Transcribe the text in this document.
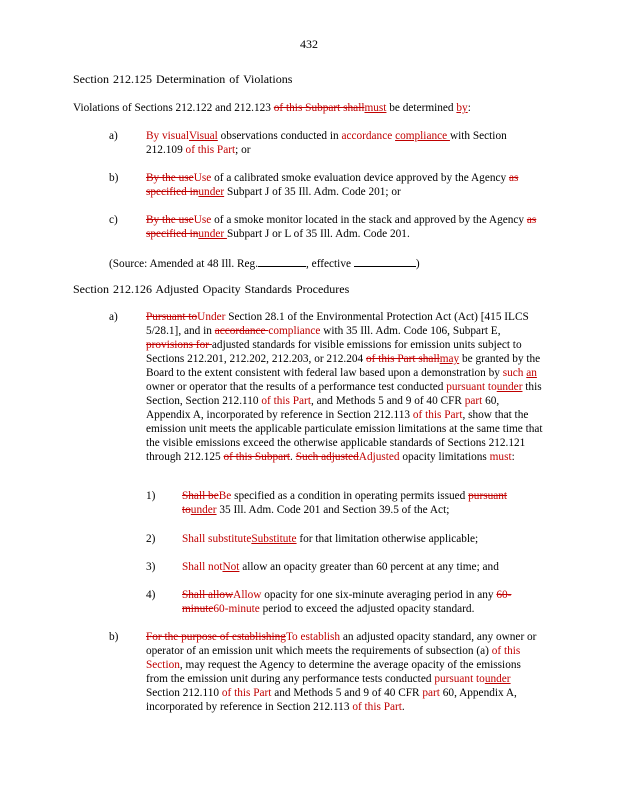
432
Section 212.125 Determination of Violations
Violations of Sections 212.122 and 212.123 of this Subpart shallmust be determined by:
a) By visualVisual observations conducted in accordance compliance with Section 212.109 of this Part; or
b) By the useUse of a calibrated smoke evaluation device approved by the Agency as specified inunder Subpart J of 35 Ill. Adm. Code 201; or
c) By the useUse of a smoke monitor located in the stack and approved by the Agency as specified inunder Subpart J or L of 35 Ill. Adm. Code 201.
(Source: Amended at 48 Ill. Reg.	, effective	)
Section 212.126 Adjusted Opacity Standards Procedures
a) Pursuant toUnder Section 28.1 of the Environmental Protection Act (Act) [415 ILCS 5/28.1], and in accordance compliance with 35 Ill. Adm. Code 106, Subpart E, provisions for adjusted standards for visible emissions for emission units subject to Sections 212.201, 212.202, 212.203, or 212.204 of this Part shallmay be granted by the Board to the extent consistent with federal law based upon a demonstration by such an owner or operator that the results of a performance test conducted pursuant tounder this Section, Section 212.110 of this Part, and Methods 5 and 9 of 40 CFR part 60, Appendix A, incorporated by reference in Section 212.113 of this Part, show that the emission unit meets the applicable particulate emission limitations at the same time that the visible emissions exceed the otherwise applicable standards of Sections 212.121 through 212.125 of this Subpart. Such adjustedAdjusted opacity limitations must:
1) Shall beBe specified as a condition in operating permits issued pursuant tounder 35 Ill. Adm. Code 201 and Section 39.5 of the Act;
2) Shall substituteSubstitute for that limitation otherwise applicable;
3) Shall notNot allow an opacity greater than 60 percent at any time; and
4) Shall allowAllow opacity for one six-minute averaging period in any 60-minute60-minute period to exceed the adjusted opacity standard.
b) For the purpose of establishingTo establish an adjusted opacity standard, any owner or operator of an emission unit which meets the requirements of subsection (a) of this Section, may request the Agency to determine the average opacity of the emissions from the emission unit during any performance tests conducted pursuant tounder Section 212.110 of this Part and Methods 5 and 9 of 40 CFR part 60, Appendix A, incorporated by reference in Section 212.113 of this Part.
